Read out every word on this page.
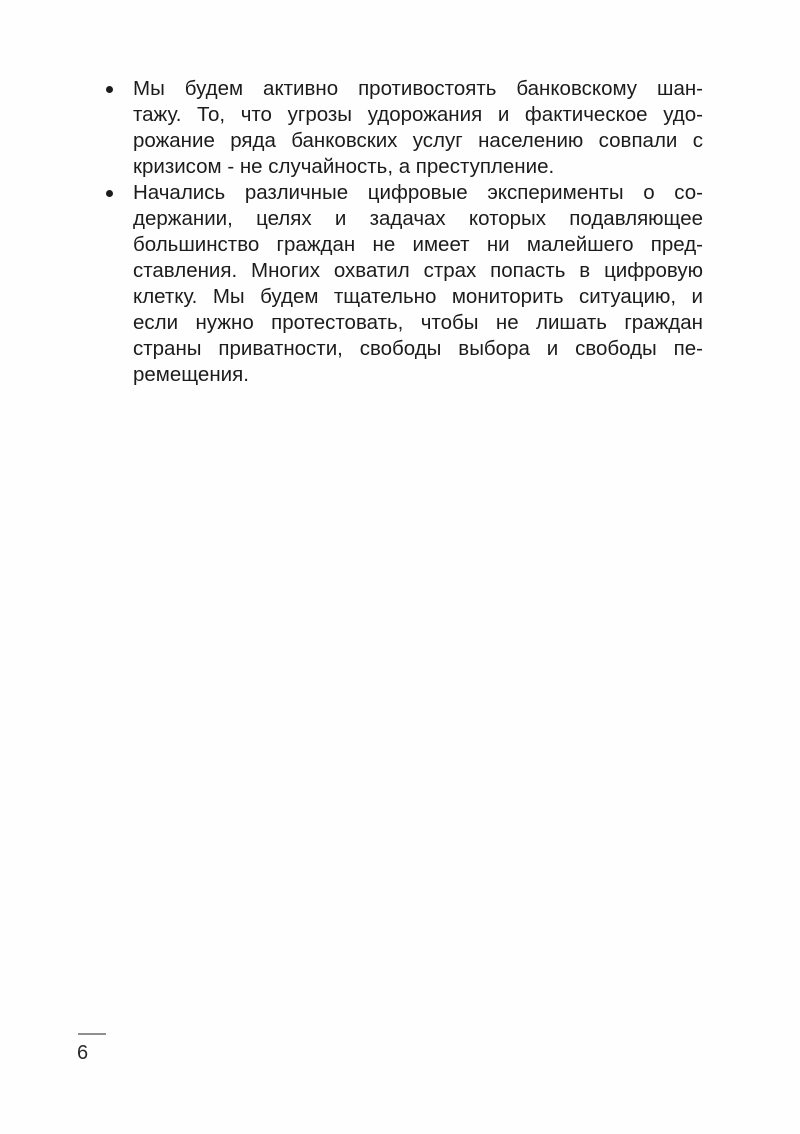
Мы будем активно противостоять банковскому шан-
тажу. То, что угрозы удорожания и фактическое удо-
рожание ряда банковских услуг населению совпали с
кризисом - не случайность, а преступление.
Начались различные цифровые эксперименты о со-
держании, целях и задачах которых подавляющее
большинство граждан не имеет ни малейшего пред-
ставления. Многих охватил страх попасть в цифровую
клетку. Мы будем тщательно мониторить ситуацию, и
если нужно протестовать, чтобы не лишать граждан
страны приватности, свободы выбора и свободы пе-
ремещения.
6
